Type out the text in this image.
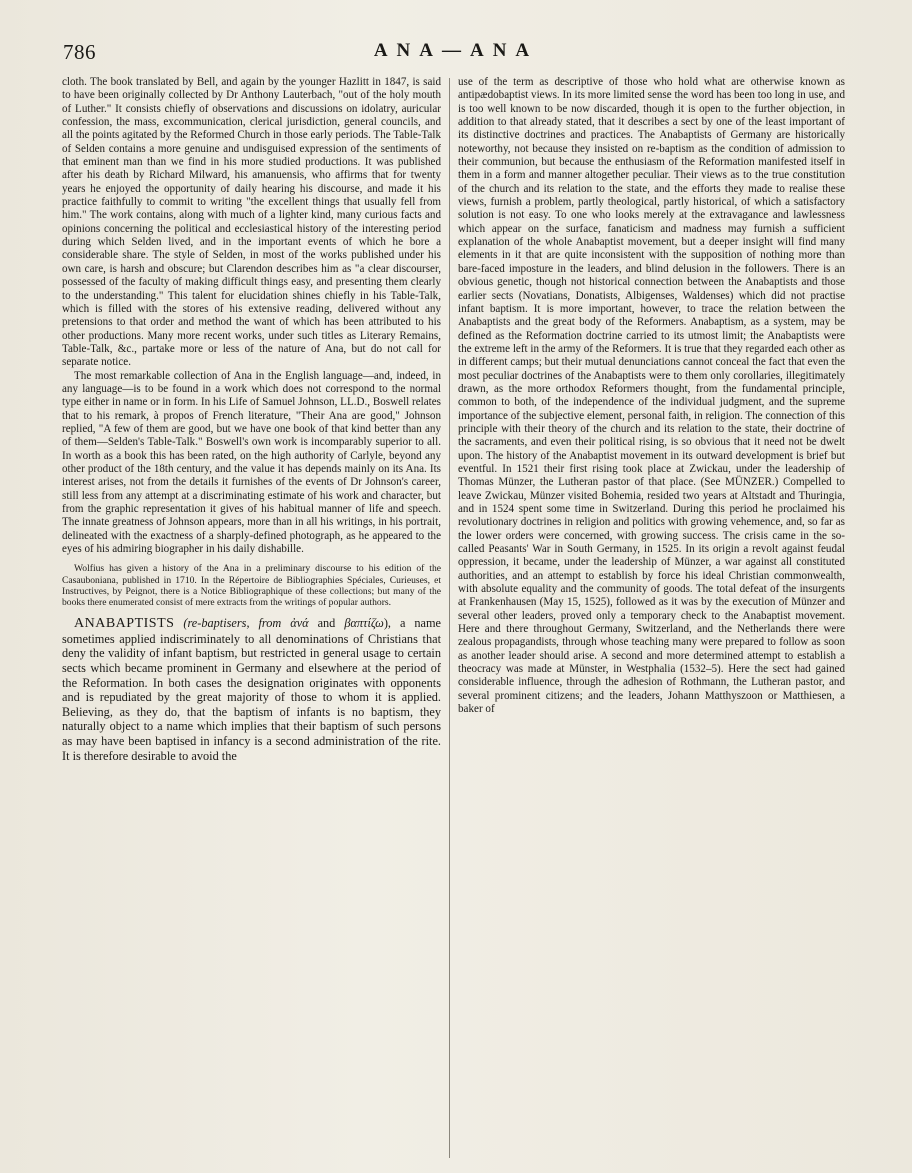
786	ANA—ANA

cloth. The book translated by Bell, and again by the younger Hazlitt in 1847, is said to have been originally collected by Dr Anthony Lauterbach, "out of the holy mouth of Luther." It consists chiefly of observations and discussions on idolatry, auricular confession, the mass, excommunication, clerical jurisdiction, general councils, and all the points agitated by the Reformed Church in those early periods. The Table-Talk of Selden contains a more genuine and undisguised expression of the sentiments of that eminent man than we find in his more studied productions. It was published after his death by Richard Milward, his amanuensis, who affirms that for twenty years he enjoyed the opportunity of daily hearing his discourse, and made it his practice faithfully to commit to writing "the excellent things that usually fell from him." The work contains, along with much of a lighter kind, many curious facts and opinions concerning the political and ecclesiastical history of the interesting period during which Selden lived, and in the important events of which he bore a considerable share. The style of Selden, in most of the works published under his own care, is harsh and obscure; but Clarendon describes him as "a clear discourser, possessed of the faculty of making difficult things easy, and presenting them clearly to the understanding." This talent for elucidation shines chiefly in his Table-Talk, which is filled with the stores of his extensive reading, delivered without any pretensions to that order and method the want of which has been attributed to his other productions. Many more recent works, under such titles as Literary Remains, Table-Talk, &c., partake more or less of the nature of Ana, but do not call for separate notice.

The most remarkable collection of Ana in the English language—and, indeed, in any language—is to be found in a work which does not correspond to the normal type either in name or in form. In his Life of Samuel Johnson, LL.D., Boswell relates that to his remark, à propos of French literature, "Their Ana are good," Johnson replied, "A few of them are good, but we have one book of that kind better than any of them—Selden's Table-Talk." Boswell's own work is incomparably superior to all. In worth as a book this has been rated, on the high authority of Carlyle, beyond any other product of the 18th century, and the value it has depends mainly on its Ana. Its interest arises, not from the details it furnishes of the events of Dr Johnson's career, still less from any attempt at a discriminating estimate of his work and character, but from the graphic representation it gives of his habitual manner of life and speech. The innate greatness of Johnson appears, more than in all his writings, in his portrait, delineated with the exactness of a sharply-defined photograph, as he appeared to the eyes of his admiring biographer in his daily dishabille.

Wolfius has given a history of the Ana in a preliminary discourse to his edition of the Casauboniana, published in 1710. In the Répertoire de Bibliographies Spéciales, Curieuses, et Instructives, by Peignot, there is a Notice Bibliographique of these collections; but many of the books there enumerated consist of mere extracts from the writings of popular authors.

ANABAPTISTS (re-baptisers, from ἀνά and βαπτίζω), a name sometimes applied indiscriminately to all denominations of Christians that deny the validity of infant baptism, but restricted in general usage to certain sects which became prominent in Germany and elsewhere at the period of the Reformation. In both cases the designation originates with opponents and is repudiated by the great majority of those to whom it is applied. Believing, as they do, that the baptism of infants is no baptism, they naturally object to a name which implies that their baptism of such persons as may have been baptised in infancy is a second administration of the rite. It is therefore desirable to avoid the

use of the term as descriptive of those who hold what are otherwise known as antipædobaptist views. In its more limited sense the word has been too long in use, and is too well known to be now discarded, though it is open to the further objection, in addition to that already stated, that it describes a sect by one of the least important of its distinctive doctrines and practices. The Anabaptists of Germany are historically noteworthy, not because they insisted on re-baptism as the condition of admission to their communion, but because the enthusiasm of the Reformation manifested itself in them in a form and manner altogether peculiar. Their views as to the true constitution of the church and its relation to the state, and the efforts they made to realise these views, furnish a problem, partly theological, partly historical, of which a satisfactory solution is not easy. To one who looks merely at the extravagance and lawlessness which appear on the surface, fanaticism and madness may furnish a sufficient explanation of the whole Anabaptist movement, but a deeper insight will find many elements in it that are quite inconsistent with the supposition of nothing more than bare-faced imposture in the leaders, and blind delusion in the followers. There is an obvious genetic, though not historical connection between the Anabaptists and those earlier sects (Novatians, Donatists, Albigenses, Waldenses) which did not practise infant baptism. It is more important, however, to trace the relation between the Anabaptists and the great body of the Reformers. Anabaptism, as a system, may be defined as the Reformation doctrine carried to its utmost limit; the Anabaptists were the extreme left in the army of the Reformers. It is true that they regarded each other as in different camps; but their mutual denunciations cannot conceal the fact that even the most peculiar doctrines of the Anabaptists were to them only corollaries, illegitimately drawn, as the more orthodox Reformers thought, from the fundamental principle, common to both, of the independence of the individual judgment, and the supreme importance of the subjective element, personal faith, in religion. The connection of this principle with their theory of the church and its relation to the state, their doctrine of the sacraments, and even their political rising, is so obvious that it need not be dwelt upon. The history of the Anabaptist movement in its outward development is brief but eventful. In 1521 their first rising took place at Zwickau, under the leadership of Thomas Münzer, the Lutheran pastor of that place. (See MÜNZER.) Compelled to leave Zwickau, Münzer visited Bohemia, resided two years at Altstadt and Thuringia, and in 1524 spent some time in Switzerland. During this period he proclaimed his revolutionary doctrines in religion and politics with growing vehemence, and, so far as the lower orders were concerned, with growing success. The crisis came in the so-called Peasants' War in South Germany, in 1525. In its origin a revolt against feudal oppression, it became, under the leadership of Münzer, a war against all constituted authorities, and an attempt to establish by force his ideal Christian commonwealth, with absolute equality and the community of goods. The total defeat of the insurgents at Frankenhausen (May 15, 1525), followed as it was by the execution of Münzer and several other leaders, proved only a temporary check to the Anabaptist movement. Here and there throughout Germany, Switzerland, and the Netherlands there were zealous propagandists, through whose teaching many were prepared to follow as soon as another leader should arise. A second and more determined attempt to establish a theocracy was made at Münster, in Westphalia (1532–5). Here the sect had gained considerable influence, through the adhesion of Rothmann, the Lutheran pastor, and several prominent citizens; and the leaders, Johann Matthyszoon or Matthiesen, a baker of
